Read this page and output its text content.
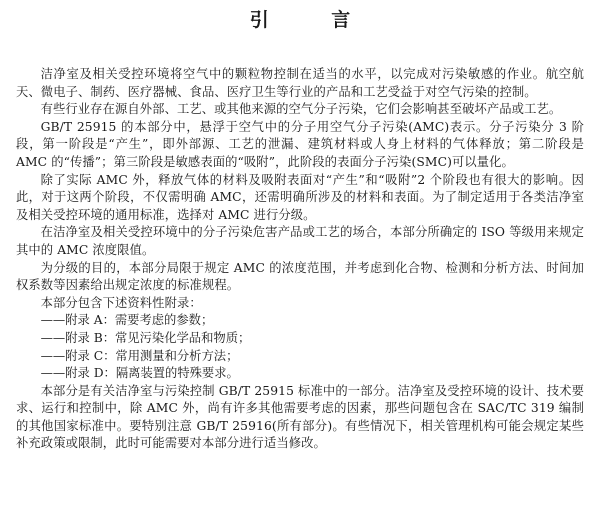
引 言

洁净室及相关受控环境将空气中的颗粒物控制在适当的水平，以完成对污染敏感的作业。航空航天、微电子、制药、医疗器械、食品、医疗卫生等行业的产品和工艺受益于对空气污染的控制。

有些行业存在源自外部、工艺、或其他来源的空气分子污染，它们会影响甚至破坏产品或工艺。

GB/T 25915 的本部分中，悬浮于空气中的分子用空气分子污染(AMC)表示。分子污染分 3 阶段，第一阶段是“产生”，即外部源、工艺的泄漏、建筑材料或人身上材料的气体释放；第二阶段是 AMC 的“传播”；第三阶段是敏感表面的“吸附”，此阶段的表面分子污染(SMC)可以量化。

除了实际 AMC 外，释放气体的材料及吸附表面对“产生”和“吸附”2 个阶段也有很大的影响。因此，对于这两个阶段，不仅需明确 AMC，还需明确所涉及的材料和表面。为了制定适用于各类洁净室及相关受控环境的通用标准，选择对 AMC 进行分级。

在洁净室及相关受控环境中的分子污染危害产品或工艺的场合，本部分所确定的 ISO 等级用来规定其中的 AMC 浓度限值。

为分级的目的，本部分局限于规定 AMC 的浓度范围，并考虑到化合物、检测和分析方法、时间加权系数等因素给出规定浓度的标准规程。

本部分包含下述资料性附录：

——附录 A：需要考虑的参数；
——附录 B：常见污染化学品和物质；
——附录 C：常用测量和分析方法；
——附录 D：隔离装置的特殊要求。

本部分是有关洁净室与污染控制 GB/T 25915 标准中的一部分。洁净室及受控环境的设计、技术要求、运行和控制中，除 AMC 外，尚有许多其他需要考虑的因素，那些问题包含在 SAC/TC 319 编制的其他国家标准中。要特别注意 GB/T 25916(所有部分)。有些情况下，相关管理机构可能会规定某些补充政策或限制，此时可能需要对本部分进行适当修改。
